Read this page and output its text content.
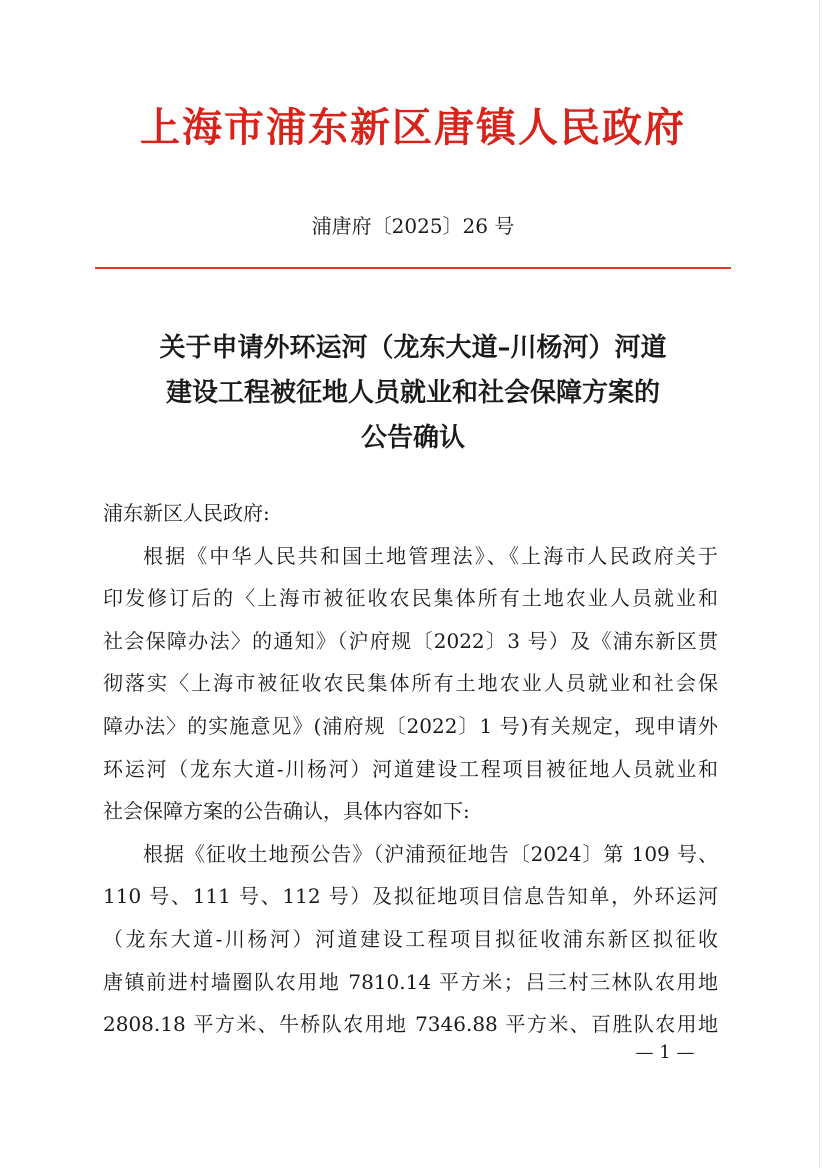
上海市浦东新区唐镇人民政府
浦唐府〔2025〕26 号
关于申请外环运河（龙东大道–川杨河）河道
建设工程被征地人员就业和社会保障方案的
公告确认
浦东新区人民政府:
根据《中华人民共和国土地管理法》、《上海市人民政府关于
印发修订后的〈上海市被征收农民集体所有土地农业人员就业和
社会保障办法〉的通知》（沪府规〔2022〕3 号）及《浦东新区贯
彻落实〈上海市被征收农民集体所有土地农业人员就业和社会保
障办法〉的实施意见》(浦府规〔2022〕1 号)有关规定，现申请外
环运河（龙东大道-川杨河）河道建设工程项目被征地人员就业和
社会保障方案的公告确认，具体内容如下:
根据《征收土地预公告》（沪浦预征地告〔2024〕第 109 号、
110 号、111 号、112 号）及拟征地项目信息告知单，外环运河
（龙东大道-川杨河）河道建设工程项目拟征收浦东新区拟征收
唐镇前进村墙圈队农用地 7810.14 平方米；吕三村三林队农用地
2808.18 平方米、牛桥队农用地 7346.88 平方米、百胜队农用地
— 1 —
